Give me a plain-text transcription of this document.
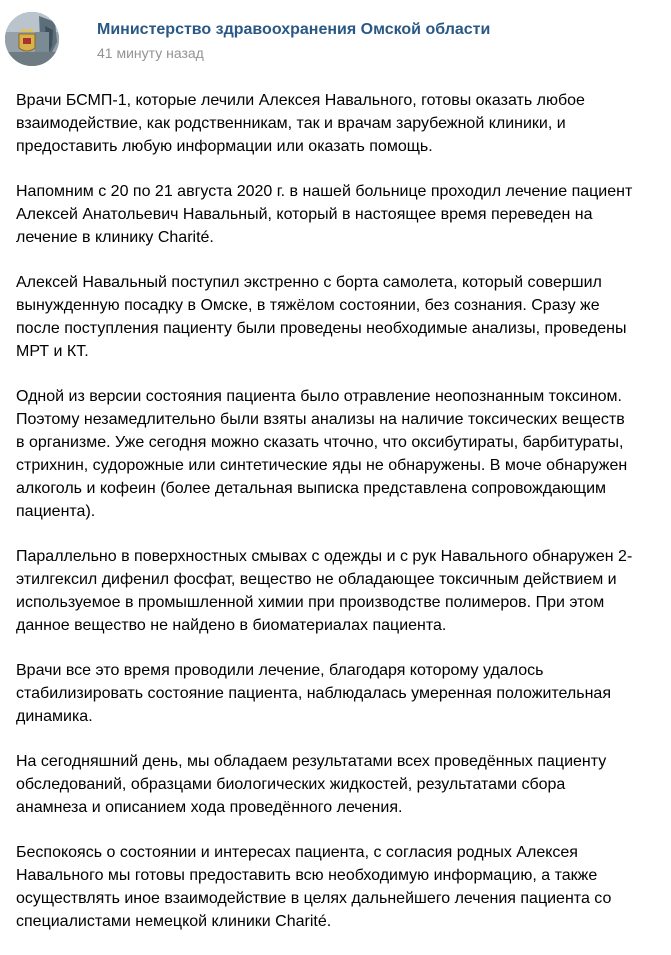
Министерство здравоохранения Омской области
41 минуту назад

Врачи БСМП-1, которые лечили Алексея Навального, готовы оказать любое
взаимодействие, как родственникам, так и врачам зарубежной клиники, и
предоставить любую информации или оказать помощь.

Напомним с 20 по 21 августа 2020 г. в нашей больнице проходил лечение пациент
Алексей Анатольевич Навальный, который в настоящее время переведен на
лечение в клинику Charité.

Алексей Навальный поступил экстренно с борта самолета, который совершил
вынужденную посадку в Омске, в тяжёлом состоянии, без сознания. Сразу же
после поступления пациенту были проведены необходимые анализы, проведены
МРТ и КТ.

Одной из версии состояния пациента было отравление неопознанным токсином.
Поэтому незамедлительно были взяты анализы на наличие токсических веществ
в организме. Уже сегодня можно сказать чточно, что оксибутираты, барбитураты,
стрихнин, судорожные или синтетические яды не обнаружены. В моче обнаружен
алкоголь и кофеин (более детальная выписка представлена сопровождающим
пациента).

Параллельно в поверхностных смывах с одежды и с рук Навального обнаружен 2-
этилгексил дифенил фосфат, вещество не обладающее токсичным действием и
используемое в промышленной химии при производстве полимеров. При этом
данное вещество не найдено в биоматериалах пациента.

Врачи все это время проводили лечение, благодаря которому удалось
стабилизировать состояние пациента, наблюдалась умеренная положительная
динамика.

На сегодняшний день, мы обладаем результатами всех проведённых пациенту
обследований, образцами биологических жидкостей, результатами сбора
анамнеза и описанием хода проведённого лечения.

Беспокоясь о состоянии и интересах пациента, с согласия родных Алексея
Навального мы готовы предоставить всю необходимую информацию, а также
осуществлять иное взаимодействие в целях дальнейшего лечения пациента со
специалистами немецкой клиники Charité.
